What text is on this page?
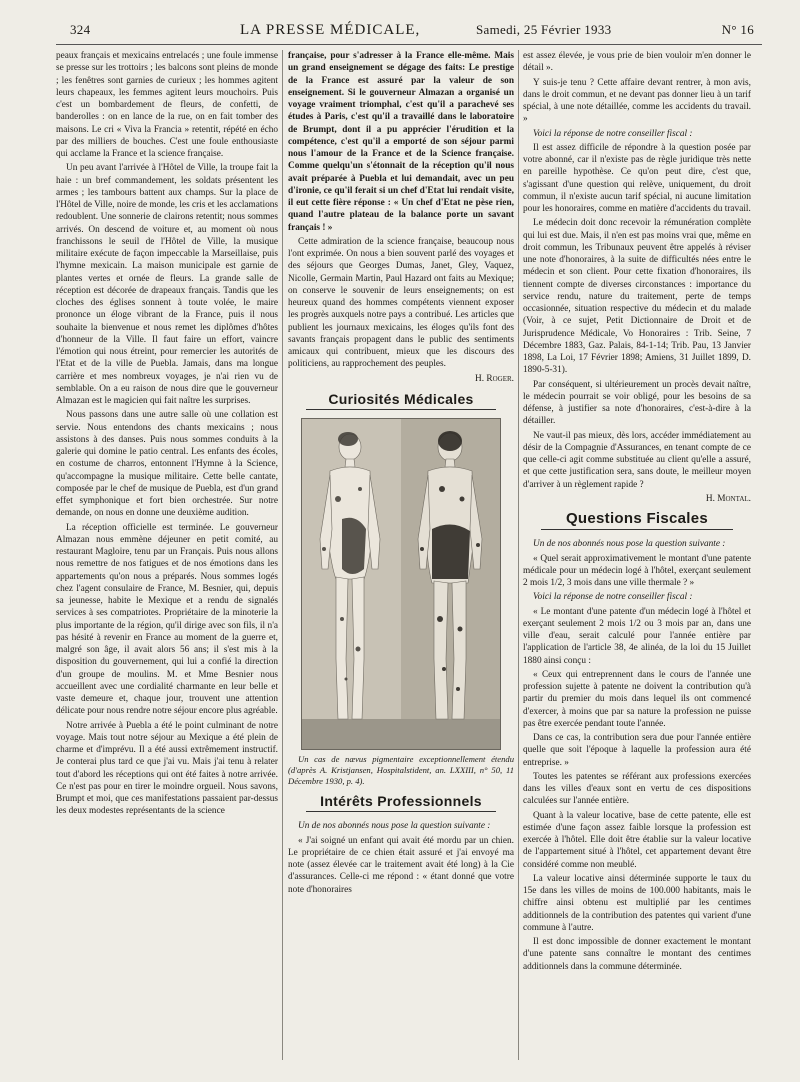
324	LA PRESSE MÉDICALE,	Samedi, 25 Février 1933	N° 16

peaux français et mexicains entrelacés ; une foule immense se presse sur les trottoirs ; les balcons sont pleins de monde ; les fenêtres sont garnies de curieux ; les hommes agitent leurs chapeaux, les femmes agitent leurs mouchoirs. Puis c'est un bombardement de fleurs, de confetti, de banderolles : on en lance de la rue, on en fait tomber des maisons. Le cri « Viva la Francia » retentit, répété en écho par des milliers de bouches. C'est une foule enthousiaste qui acclame la France et la science française.

Un peu avant l'arrivée à l'Hôtel de Ville, la troupe fait la haie : un bref commandement, les soldats présentent les armes ; les tambours battent aux champs. Sur la place de l'Hôtel de Ville, noire de monde, les cris et les acclamations redoublent. Une sonnerie de clairons retentit; nous sommes arrivés. On descend de voiture et, au moment où nous franchissons le seuil de l'Hôtel de Ville, la musique militaire exécute de façon impeccable la Marseillaise, puis l'hymne mexicain. La maison municipale est garnie de plantes vertes et ornée de fleurs. La grande salle de réception est décorée de drapeaux français. Tandis que les cloches des églises sonnent à toute volée, le maire prononce un éloge vibrant de la France, puis il nous souhaite la bienvenue et nous remet les diplômes d'hôtes d'honneur de la Ville. Il faut faire un effort, vaincre l'émotion qui nous étreint, pour remercier les autorités de l'Etat et de la ville de Puebla. Jamais, dans ma longue carrière et mes nombreux voyages, je n'ai rien vu de semblable. On a eu raison de nous dire que le gouverneur Almazan est le magicien qui fait naître les surprises.

Nous passons dans une autre salle où une collation est servie. Nous entendons des chants mexicains ; nous assistons à des danses. Puis nous sommes conduits à la galerie qui domine le patio central. Les enfants des écoles, en costume de charros, entonnent l'Hymne à la Science, qu'accompagne la musique militaire. Cette belle cantate, composée par le chef de musique de Puebla, est d'un grand effet symphonique et fort bien orchestrée. Sur notre demande, on nous en donne une deuxième audition.

La réception officielle est terminée. Le gouverneur Almazan nous emmène déjeuner en petit comité, au restaurant Magloire, tenu par un Français. Puis nous allons nous remettre de nos fatigues et de nos émotions dans les appartements qu'on nous a préparés. Nous sommes logés chez l'agent consulaire de France, M. Besnier, qui, depuis sa jeunesse, habite le Mexique et a rendu de signalés services à ses compatriotes. Propriétaire de la minoterie la plus importante de la région, qu'il dirige avec son fils, il n'a pas hésité à revenir en France au moment de la guerre et, malgré son âge, il avait alors 56 ans; il s'est mis à la disposition du gouvernement, qui lui a confié la direction d'un groupe de moulins. M. et Mme Besnier nous accueillent avec une cordialité charmante en leur belle et vaste demeure et, chaque jour, trouvent une attention délicate pour nous rendre notre séjour encore plus agréable.

Notre arrivée à Puebla a été le point culminant de notre voyage. Mais tout notre séjour au Mexique a été plein de charme et d'imprévu. Il a été aussi extrêmement instructif. Je conterai plus tard ce que j'ai vu. Mais j'ai tenu à relater tout d'abord les réceptions qui ont été faites à notre arrivée. Ce n'est pas pour en tirer le moindre orgueil. Nous savons, Brumpt et moi, que ces manifestations passaient par-dessus les deux modestes représentants de la science

française, pour s'adresser à la France elle-même. Mais un grand enseignement se dégage des faits: Le prestige de la France est assuré par la valeur de son enseignement. Si le gouverneur Almazan a organisé un voyage vraiment triomphal, c'est qu'il a parachevé ses études à Paris, c'est qu'il a travaillé dans le laboratoire de Brumpt, dont il a pu apprécier l'érudition et la compétence, c'est qu'il a emporté de son séjour parmi nous l'amour de la France et de la Science française. Comme quelqu'un s'étonnait de la réception qu'il nous avait préparée à Puebla et lui demandait, avec un peu d'ironie, ce qu'il ferait si un chef d'Etat lui rendait visite, il eut cette fière réponse : « Un chef d'Etat ne pèse rien, quand l'autre plateau de la balance porte un savant français ! »

Cette admiration de la science française, beaucoup nous l'ont exprimée. On nous a bien souvent parlé des voyages et des séjours que Georges Dumas, Janet, Gley, Vaquez, Nicolle, Germain Martin, Paul Hazard ont faits au Mexique; on conserve le souvenir de leurs enseignements; on est heureux quand des hommes compétents viennent exposer les progrès auxquels notre pays a contribué. Les articles que publient les journaux mexicains, les éloges qu'ils font des savants français propagent dans le public des sentiments amicaux qui contribuent, mieux que les discours des politiciens, au rapprochement des peuples.

H. Roger.

Curiosités Médicales

Un cas de nævus pigmentaire exceptionnellement étendu (d'après A. Kristjansen, Hospitalstident, an. LXXIII, n° 50, 11 Décembre 1930, p. 4).

Intérêts Professionnels

Un de nos abonnés nous pose la question suivante :

« J'ai soigné un enfant qui avait été mordu par un chien. Le propriétaire de ce chien était assuré et j'ai envoyé ma note (assez élevée car le traitement avait été long) à la Cie d'assurances. Celle-ci me répond : « étant donné que votre note d'honoraires

est assez élevée, je vous prie de bien vouloir m'en donner le détail ».

Y suis-je tenu ? Cette affaire devant rentrer, à mon avis, dans le droit commun, et ne devant pas donner lieu à un tarif spécial, à une note détaillée, comme les accidents du travail. »

Voici la réponse de notre conseiller fiscal :

Il est assez difficile de répondre à la question posée par votre abonné, car il n'existe pas de règle juridique très nette en pareille hypothèse. Ce qu'on peut dire, c'est que, s'agissant d'une question qui relève, uniquement, du droit commun, il n'existe aucun tarif spécial, ni aucune limitation pour les honoraires, comme en matière d'accidents du travail.

Le médecin doit donc recevoir la rémunération complète qui lui est due. Mais, il n'en est pas moins vrai que, même en droit commun, les Tribunaux peuvent être appelés à réviser une note d'honoraires, à la suite de difficultés nées entre le médecin et son client. Pour cette fixation d'honoraires, ils tiennent compte de diverses circonstances : importance du service rendu, nature du traitement, perte de temps occasionnée, situation respective du médecin et du malade (Voir, à ce sujet, Petit Dictionnaire de Droit et de Jurisprudence Médicale, Vo Honoraires : Trib. Seine, 7 Décembre 1883, Gaz. Palais, 84-1-14; Trib. Pau, 13 Janvier 1898, La Loi, 17 Février 1898; Amiens, 31 Juillet 1899, D. 1890-5-31).

Par conséquent, si ultérieurement un procès devait naître, le médecin pourrait se voir obligé, pour les besoins de sa défense, à justifier sa note d'honoraires, c'est-à-dire à la détailler.

Ne vaut-il pas mieux, dès lors, accéder immédiatement au désir de la Compagnie d'Assurances, en tenant compte de ce que celle-ci agit comme substituée au client qu'elle a assuré, et que cette justification sera, sans doute, le meilleur moyen d'arriver à un règlement rapide ?

H. Montal.

Questions Fiscales

Un de nos abonnés nous pose la question suivante :

« Quel serait approximativement le montant d'une patente médicale pour un médecin logé à l'hôtel, exerçant seulement 2 mois 1/2, 3 mois dans une ville thermale ? »

Voici la réponse de notre conseiller fiscal :

« Le montant d'une patente d'un médecin logé à l'hôtel et exerçant seulement 2 mois 1/2 ou 3 mois par an, dans une ville d'eau, serait calculé pour l'année entière par l'application de l'article 38, 4e alinéa, de la loi du 15 Juillet 1880 ainsi conçu :

« Ceux qui entreprennent dans le cours de l'année une profession sujette à patente ne doivent la contribution qu'à partir du premier du mois dans lequel ils ont commencé d'exercer, à moins que par sa nature la profession ne puisse pas être exercée pendant toute l'année.

Dans ce cas, la contribution sera due pour l'année entière quelle que soit l'époque à laquelle la profession aura été entreprise. »

Toutes les patentes se référant aux professions exercées dans les villes d'eaux sont en vertu de ces dispositions calculées sur l'année entière.

Quant à la valeur locative, base de cette patente, elle est estimée d'une façon assez faible lorsque la profession est exercée à l'hôtel. Elle doit être établie sur la valeur locative de l'appartement situé à l'hôtel, cet appartement devant être considéré comme non meublé.

La valeur locative ainsi déterminée supporte le taux du 15e dans les villes de moins de 100.000 habitants, mais le chiffre ainsi obtenu est multiplié par les centimes additionnels de la contribution des patentes qui varient d'une commune à l'autre.

Il est donc impossible de donner exactement le montant d'une patente sans connaître le montant des centimes additionnels dans la commune déterminée.
